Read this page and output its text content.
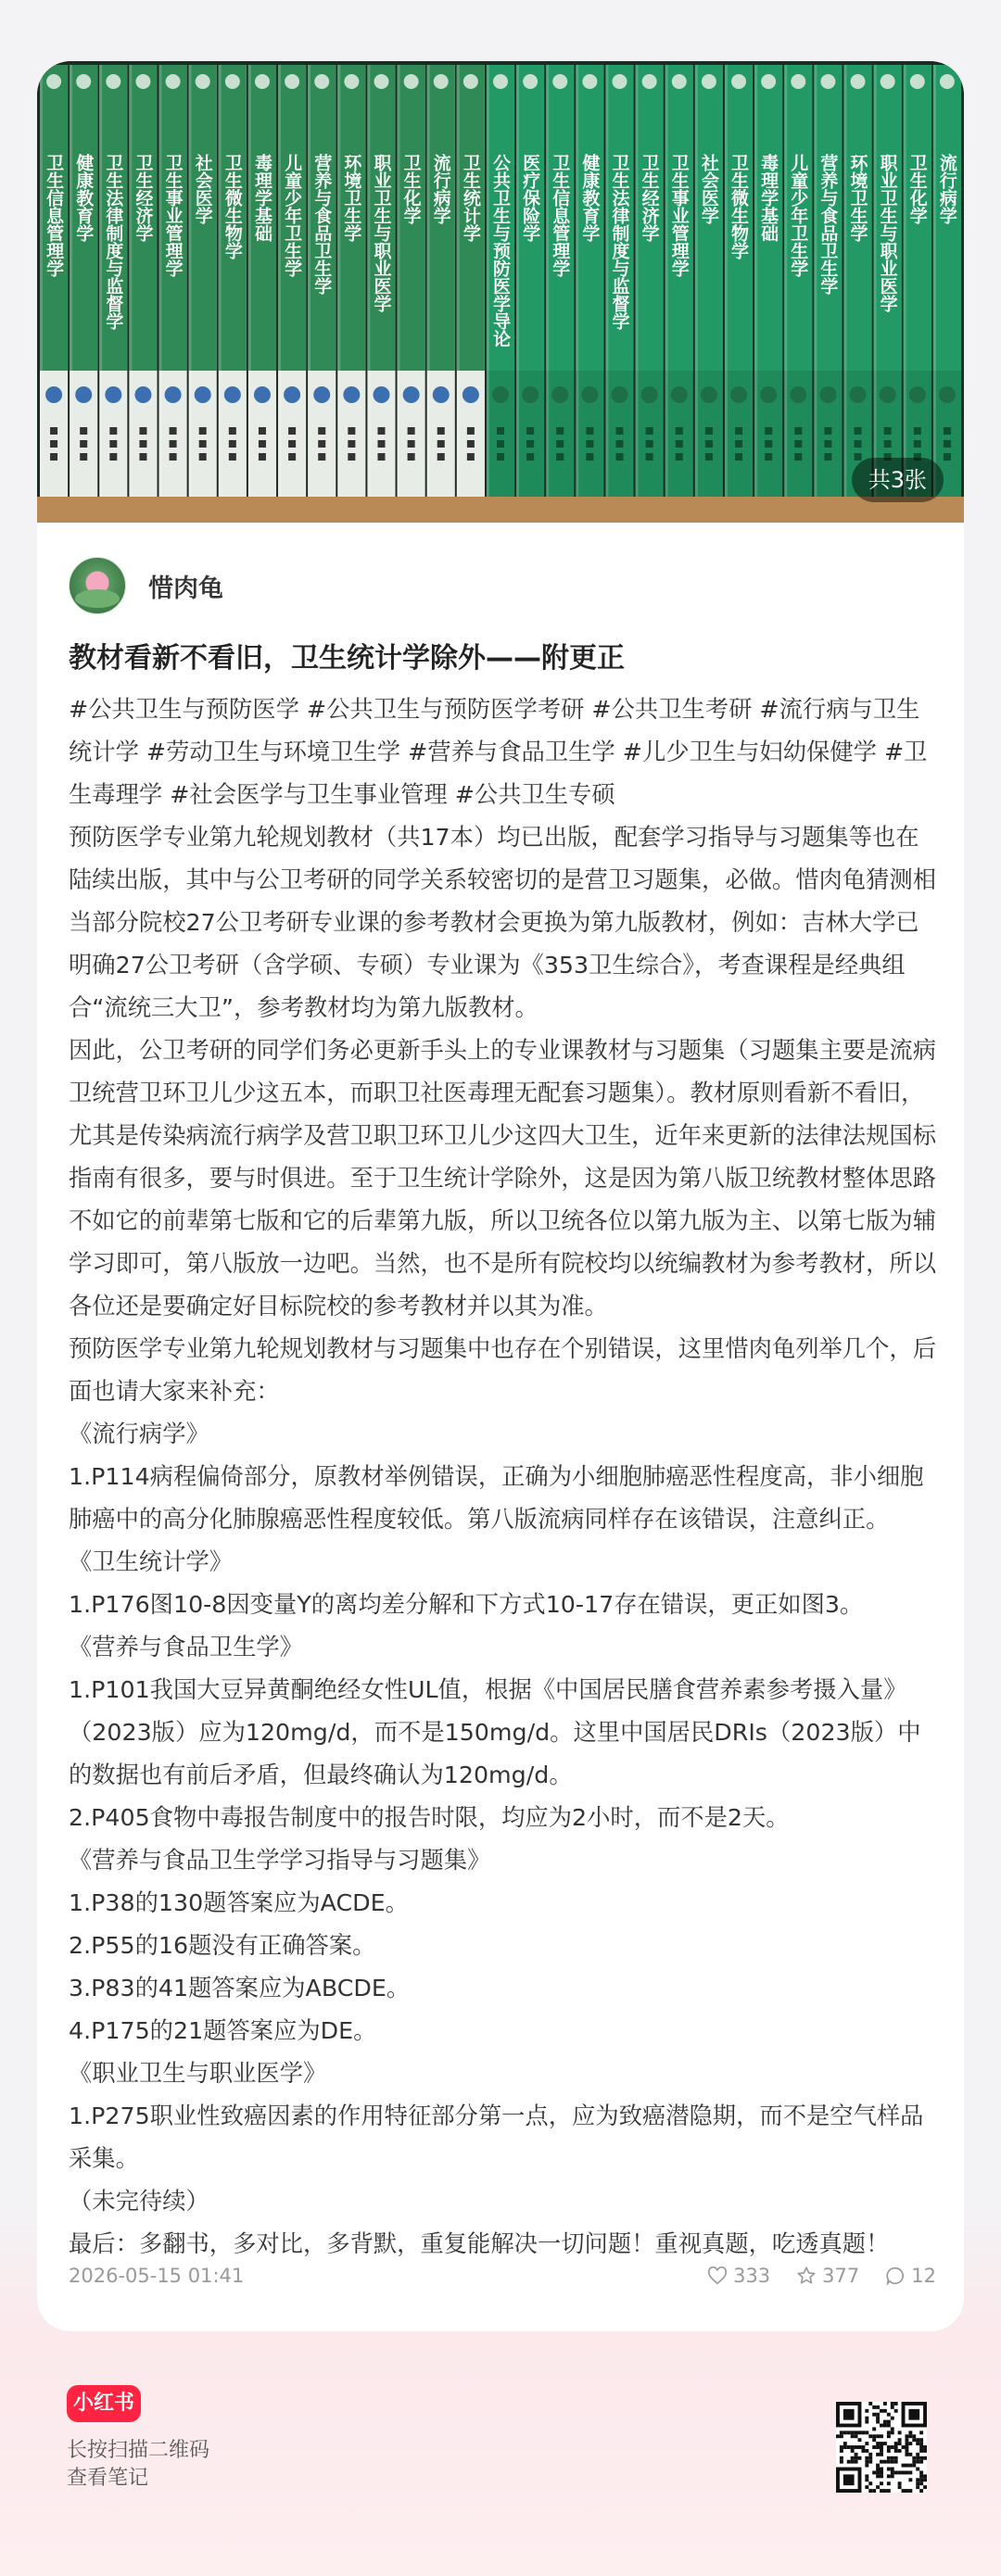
卫生信息管理学 健康教育学 卫生法律制度与监督学 卫生经济学 卫生事业管理学 社会医学 卫生微生物学 毒理学基础 儿童少年卫生学 营养与食品卫生学 环境卫生学 职业卫生与职业医学 卫生化学 流行病学 卫生统计学 公共卫生与预防医学导论 医疗保险学 卫生信息管理学 健康教育学 卫生法律制度与监督学 卫生经济学 卫生事业管理学 社会医学 卫生微生物学 毒理学基础 儿童少年卫生学 营养与食品卫生学 环境卫生学 职业卫生与职业医学 卫生化学 流行病学
共3张
惜肉龟
教材看新不看旧，卫生统计学除外——附更正

#公共卫生与预防医学 #公共卫生与预防医学考研 #公共卫生考研 #流行病与卫生统计学 #劳动卫生与环境卫生学 #营养与食品卫生学 #儿少卫生与妇幼保健学 #卫生毒理学 #社会医学与卫生事业管理 #公共卫生专硕

预防医学专业第九轮规划教材（共17本）均已出版，配套学习指导与习题集等也在陆续出版，其中与公卫考研的同学关系较密切的是营卫习题集，必做。惜肉龟猜测相当部分院校27公卫考研专业课的参考教材会更换为第九版教材，例如：吉林大学已明确27公卫考研（含学硕、专硕）专业课为《353卫生综合》，考查课程是经典组合“流统三大卫”，参考教材均为第九版教材。

因此，公卫考研的同学们务必更新手头上的专业课教材与习题集（习题集主要是流病卫统营卫环卫儿少这五本，而职卫社医毒理无配套习题集）。教材原则看新不看旧，尤其是传染病流行病学及营卫职卫环卫儿少这四大卫生，近年来更新的法律法规国标指南有很多，要与时俱进。至于卫生统计学除外，这是因为第八版卫统教材整体思路不如它的前辈第七版和它的后辈第九版，所以卫统各位以第九版为主、以第七版为辅学习即可，第八版放一边吧。当然，也不是所有院校均以统编教材为参考教材，所以各位还是要确定好目标院校的参考教材并以其为准。

预防医学专业第九轮规划教材与习题集中也存在个别错误，这里惜肉龟列举几个，后面也请大家来补充：

《流行病学》

1.P114病程偏倚部分，原教材举例错误，正确为小细胞肺癌恶性程度高，非小细胞肺癌中的高分化肺腺癌恶性程度较低。第八版流病同样存在该错误，注意纠正。

《卫生统计学》

1.P176图10-8因变量Y的离均差分解和下方式10-17存在错误，更正如图3。

《营养与食品卫生学》

1.P101我国大豆异黄酮绝经女性UL值，根据《中国居民膳食营养素参考摄入量》（2023版）应为120mg/d，而不是150mg/d。这里中国居民DRIs（2023版）中的数据也有前后矛盾，但最终确认为120mg/d。

2.P405食物中毒报告制度中的报告时限，均应为2小时，而不是2天。

《营养与食品卫生学学习指导与习题集》

1.P38的130题答案应为ACDE。

2.P55的16题没有正确答案。

3.P83的41题答案应为ABCDE。

4.P175的21题答案应为DE。

《职业卫生与职业医学》

1.P275职业性致癌因素的作用特征部分第一点，应为致癌潜隐期，而不是空气样品采集。

（未完待续）

最后：多翻书，多对比，多背默，重复能解决一切问题！重视真题，吃透真题！

2026-05-15 01:41	333	377	12
小红书
长按扫描二维码
查看笔记
